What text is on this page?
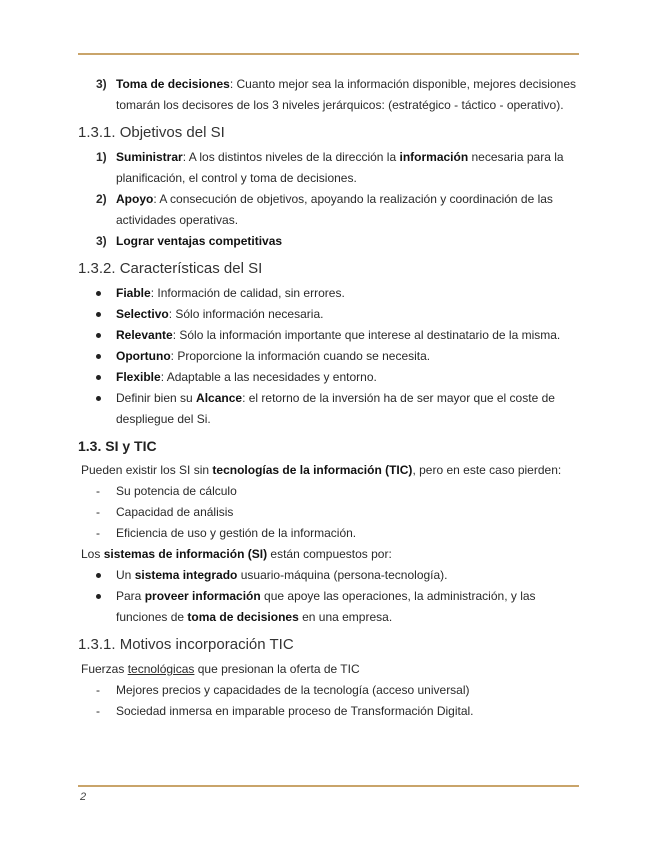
3) Toma de decisiones: Cuanto mejor sea la información disponible, mejores decisiones tomarán los decisores de los 3 niveles jerárquicos: (estratégico - táctico - operativo).
1.3.1. Objetivos del SI
1) Suministrar: A los distintos niveles de la dirección la información necesaria para la planificación, el control y toma de decisiones.
2) Apoyo: A consecución de objetivos, apoyando la realización y coordinación de las actividades operativas.
3) Lograr ventajas competitivas
1.3.2. Características del SI
Fiable: Información de calidad, sin errores.
Selectivo: Sólo información necesaria.
Relevante: Sólo la información importante que interese al destinatario de la misma.
Oportuno: Proporcione la información cuando se necesita.
Flexible: Adaptable a las necesidades y entorno.
Definir bien su Alcance: el retorno de la inversión ha de ser mayor que el coste de despliegue del Si.
1.3. SI y TIC
Pueden existir los SI sin tecnologías de la información (TIC), pero en este caso pierden:
- Su potencia de cálculo
- Capacidad de análisis
- Eficiencia de uso y gestión de la información.
Los sistemas de información (SI) están compuestos por:
Un sistema integrado usuario-máquina (persona-tecnología).
Para proveer información que apoye las operaciones, la administración, y las funciones de toma de decisiones en una empresa.
1.3.1. Motivos incorporación TIC
Fuerzas tecnológicas que presionan la oferta de TIC
- Mejores precios y capacidades de la tecnología (acceso universal)
- Sociedad inmersa en imparable proceso de Transformación Digital.
2
